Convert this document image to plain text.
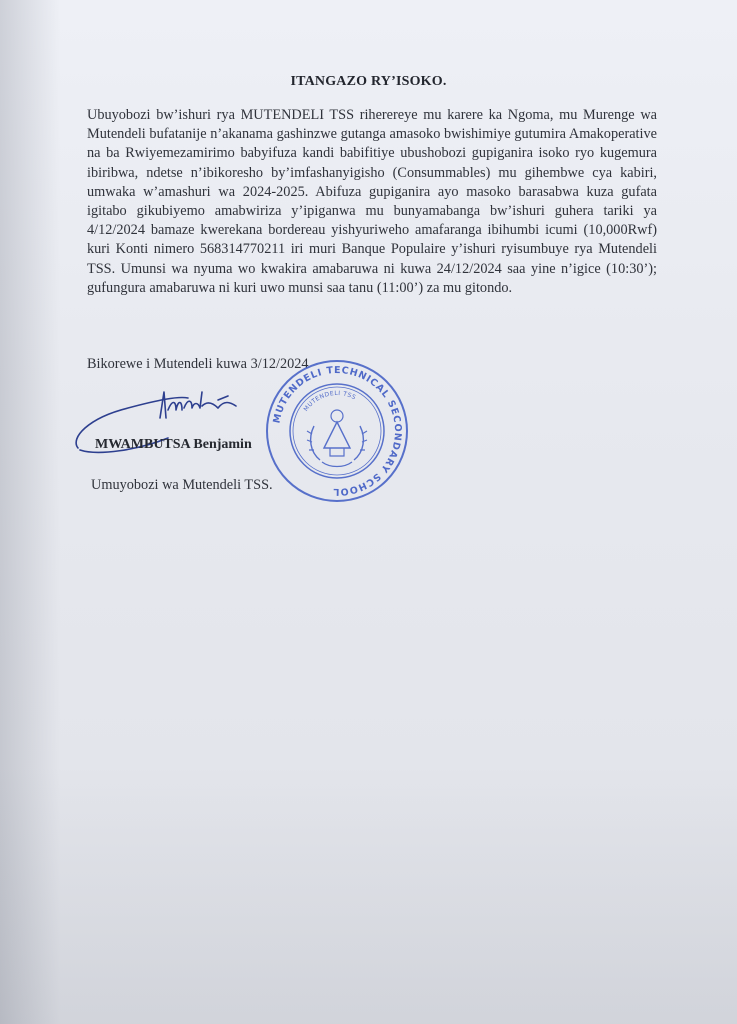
ITANGAZO RY’ISOKO.
Ubuyobozi bw’ishuri rya MUTENDELI TSS riherereye mu karere ka Ngoma, mu Murenge wa Mutendeli bufatanije n’akanama gashinzwe gutanga amasoko bwishimiye gutumira Amakoperative na ba Rwiyemezamirimo babyifuza kandi babifitiye ubushobozi gupiganira isoko ryo kugemura ibiribwa, ndetse n’ibikoresho by’imfashanyigisho (Consummables) mu gihembwe cya kabiri, umwaka w’amashuri wa 2024-2025. Abifuza gupiganira ayo masoko barasabwa kuza gufata igitabo gikubiyemo amabwiriza y’ipiganwa mu bunyamabanga bw’ishuri guhera tariki ya 4/12/2024 bamaze kwerekana bordereau yishyuriweho amafaranga ibihumbi icumi (10,000Rwf) kuri Konti nimero 568314770211 iri muri Banque Populaire y’ishuri ryisumbuye rya Mutendeli TSS. Umunsi wa nyuma wo kwakira amabaruwa ni kuwa 24/12/2024 saa yine n’igice (10:30’); gufungura amabaruwa ni kuri uwo munsi saa tanu (11:00’) za mu gitondo.
Bikorewe i Mutendeli kuwa 3/12/2024
MUTENDELI TECHNICAL SECONDARY SCHOOL
MUTENDELI TSS
MWAMBUTSA Benjamin
Umuyobozi wa Mutendeli TSS.
